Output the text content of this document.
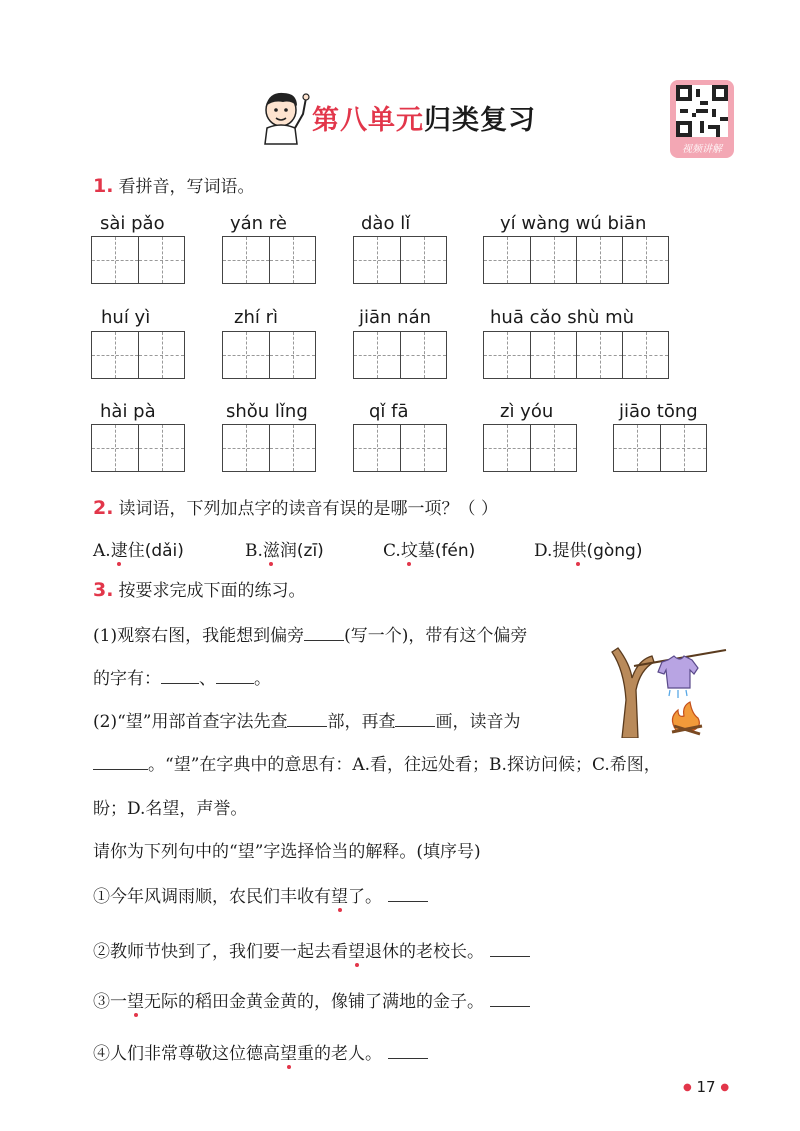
第八单元归类复习
视频讲解
1. 看拼音，写词语。
sài pǎo	yán rè	dào lǐ	yí wàng wú biān
huí yì	zhí rì	jiān nán	huā cǎo shù mù
hài pà	shǒu lǐng	qǐ fā	zì yóu	jiāo tōng
2. 读词语，下列加点字的读音有误的是哪一项？（ ）
A.逮住(dǎi)	B.滋润(zī)	C.坟墓(fén)	D.提供(gòng)
3. 按要求完成下面的练习。
(1)观察右图，我能想到偏旁 (写一个)，带有这个偏旁
的字有： 、 。
(2)“望”用部首查字法先查 部，再查 画，读音为
。“望”在字典中的意思有：A.看，往远处看；B.探访问候；C.希图，
盼；D.名望，声誉。
请你为下列句中的“望”字选择恰当的解释。(填序号)
①今年风调雨顺，农民们丰收有望了。
②教师节快到了，我们要一起去看望退休的老校长。
③一望无际的稻田金黄金黄的，像铺了满地的金子。
④人们非常尊敬这位德高望重的老人。
● 17 ●
